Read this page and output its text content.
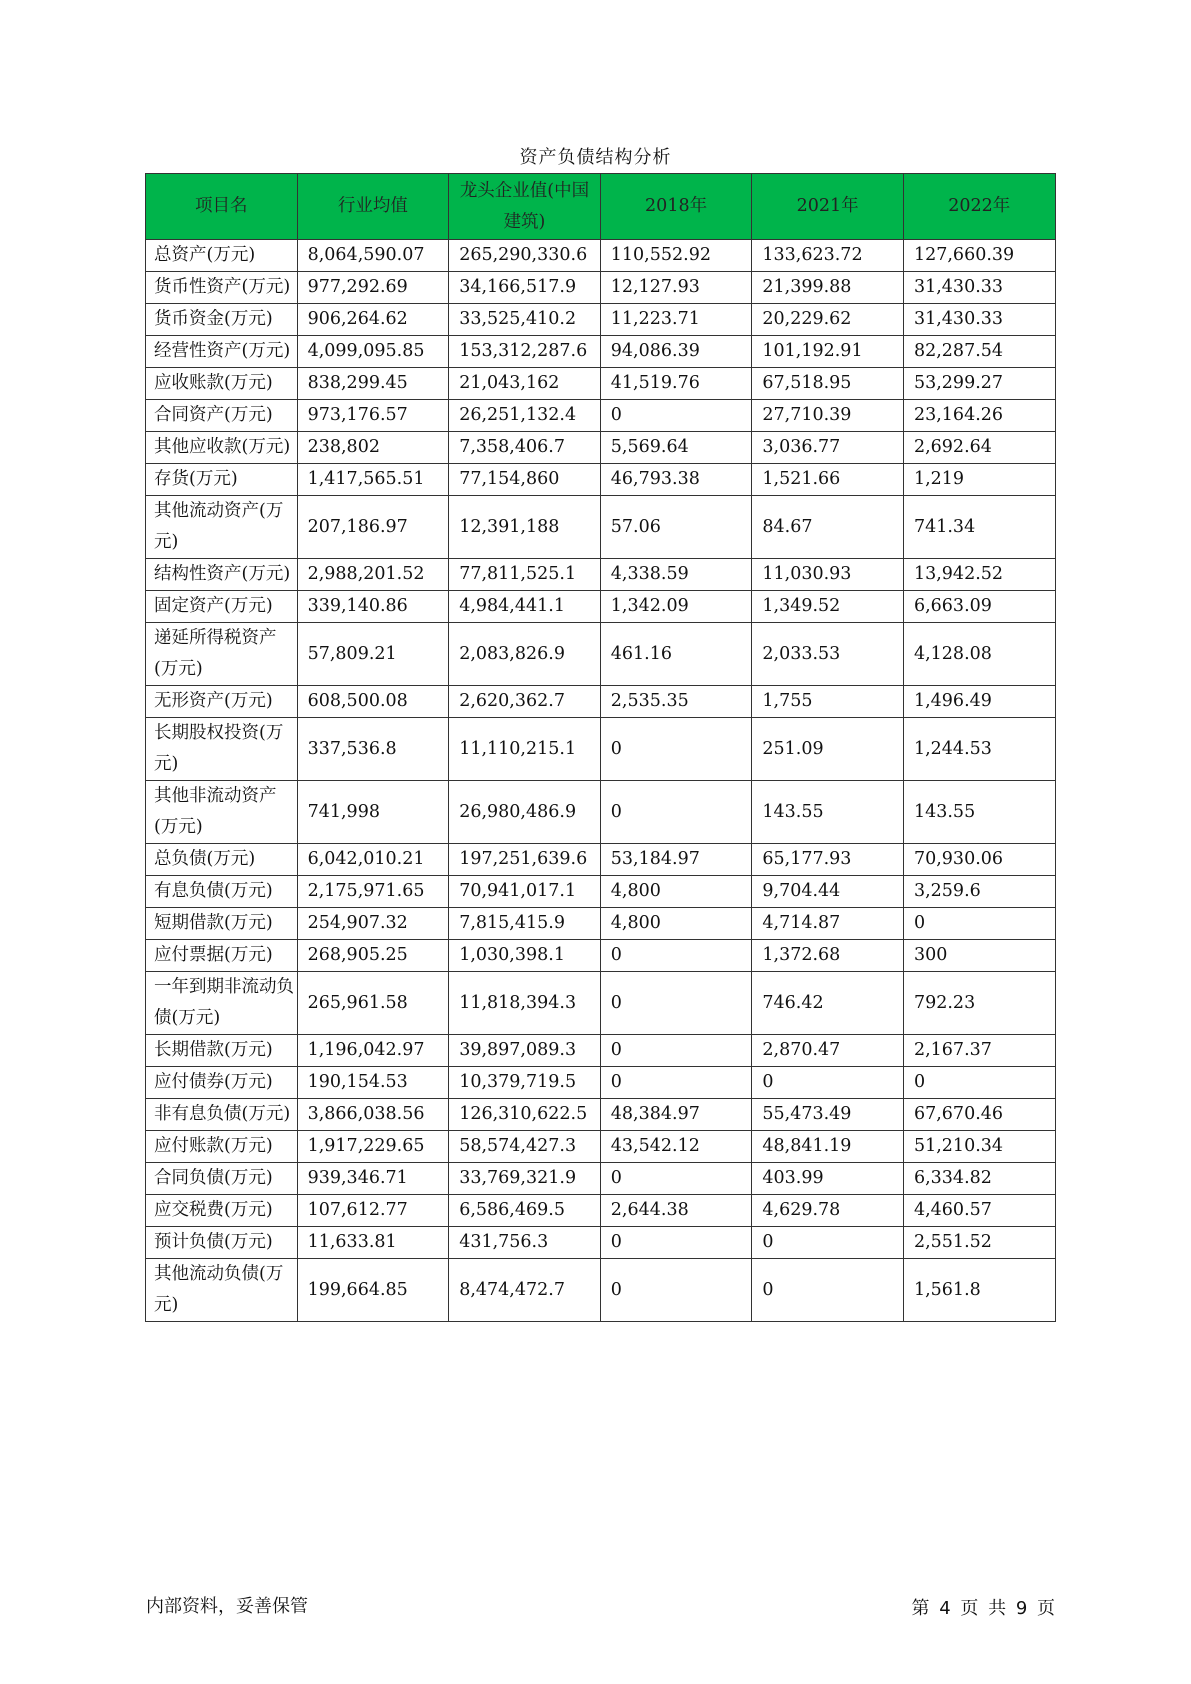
资产负债结构分析
项目名	行业均值	龙头企业值(中国建筑)	2018年	2021年	2022年
总资产(万元)	8,064,590.07	265,290,330.6	110,552.92	133,623.72	127,660.39
货币性资产(万元)	977,292.69	34,166,517.9	12,127.93	21,399.88	31,430.33
货币资金(万元)	906,264.62	33,525,410.2	11,223.71	20,229.62	31,430.33
经营性资产(万元)	4,099,095.85	153,312,287.6	94,086.39	101,192.91	82,287.54
应收账款(万元)	838,299.45	21,043,162	41,519.76	67,518.95	53,299.27
合同资产(万元)	973,176.57	26,251,132.4	0	27,710.39	23,164.26
其他应收款(万元)	238,802	7,358,406.7	5,569.64	3,036.77	2,692.64
存货(万元)	1,417,565.51	77,154,860	46,793.38	1,521.66	1,219
其他流动资产(万元)	207,186.97	12,391,188	57.06	84.67	741.34
结构性资产(万元)	2,988,201.52	77,811,525.1	4,338.59	11,030.93	13,942.52
固定资产(万元)	339,140.86	4,984,441.1	1,342.09	1,349.52	6,663.09
递延所得税资产(万元)	57,809.21	2,083,826.9	461.16	2,033.53	4,128.08
无形资产(万元)	608,500.08	2,620,362.7	2,535.35	1,755	1,496.49
长期股权投资(万元)	337,536.8	11,110,215.1	0	251.09	1,244.53
其他非流动资产(万元)	741,998	26,980,486.9	0	143.55	143.55
总负债(万元)	6,042,010.21	197,251,639.6	53,184.97	65,177.93	70,930.06
有息负债(万元)	2,175,971.65	70,941,017.1	4,800	9,704.44	3,259.6
短期借款(万元)	254,907.32	7,815,415.9	4,800	4,714.87	0
应付票据(万元)	268,905.25	1,030,398.1	0	1,372.68	300
一年到期非流动负债(万元)	265,961.58	11,818,394.3	0	746.42	792.23
长期借款(万元)	1,196,042.97	39,897,089.3	0	2,870.47	2,167.37
应付债券(万元)	190,154.53	10,379,719.5	0	0	0
非有息负债(万元)	3,866,038.56	126,310,622.5	48,384.97	55,473.49	67,670.46
应付账款(万元)	1,917,229.65	58,574,427.3	43,542.12	48,841.19	51,210.34
合同负债(万元)	939,346.71	33,769,321.9	0	403.99	6,334.82
应交税费(万元)	107,612.77	6,586,469.5	2,644.38	4,629.78	4,460.57
预计负债(万元)	11,633.81	431,756.3	0	0	2,551.52
其他流动负债(万元)	199,664.85	8,474,472.7	0	0	1,561.8
内部资料，妥善保管	第 4 页 共 9 页
